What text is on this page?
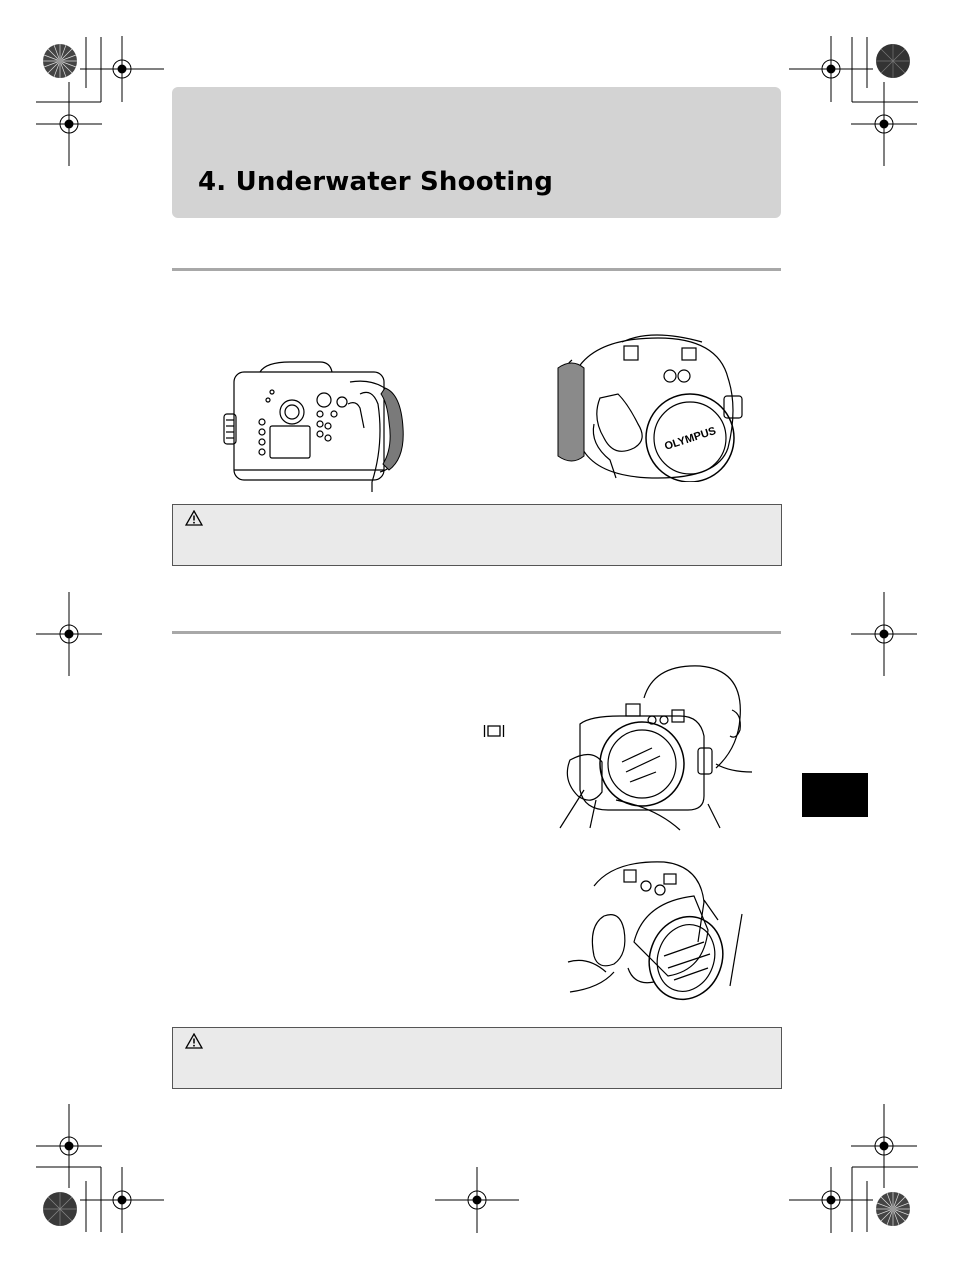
4. Underwater Shooting
OLYMPUS
